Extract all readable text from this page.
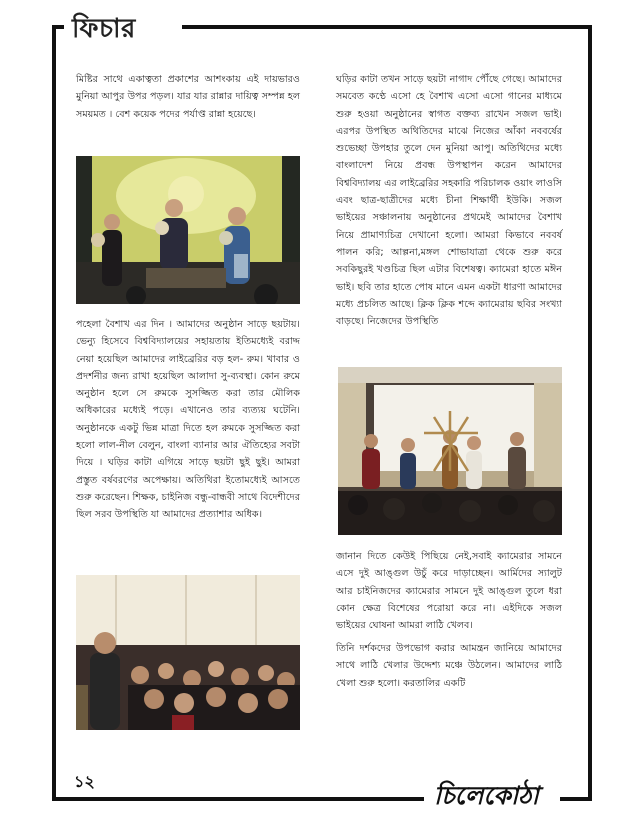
ফিচার

মিষ্টির সাথে একাত্বতা প্রকাশের আশংকায় এই দায়ভারও মুনিয়া আপুর উপর পড়ল। যার যার রান্নার দায়িত্ব সম্পন্ন হল সময়মত । বেশ কয়েক পদের পর্যাপ্ত রান্না হয়েছে।

পহেলা বৈশাখ এর দিন । আমাদের অনুষ্ঠান সাড়ে ছয়টায়। ভেন্যু হিসেবে বিশ্ববিদ্যালয়ের সহায়তায় ইতিমধ্যেই বরাদ্দ নেয়া হয়েছিল আমাদের লাইব্রেরির বড় হল- রুম। খাবার ও প্রদর্শনীর জন্য রাখা হয়েছিল আলাদা সু-ব্যবস্থা। কোন রুমে অনুষ্ঠান হলে সে রুমকে সুসজ্জিত করা তার মৌলিক অধিকারের মধ্যেই পড়ে। এখানেও তার ব্যত্যয় ঘটেনি। অনুষ্ঠানকে একটু ভিন্ন মাত্রা দিতে হল রুমকে সুসজ্জিত করা হলো লাল-নীল বেলুন, বাংলা ব্যানার আর ঐতিহ্যের সবটা দিয়ে । ঘড়ির কাটা এগিয়ে সাড়ে ছয়টা ছুই ছুই। আমরা প্রস্তুত বর্ষবরণের অপেক্ষায়। অতিথিরা ইতোমধ্যেই আসতে শুরু করেছেন। শিক্ষক, চাইনিজ বন্ধু-বান্ধবী সাথে বিদেশীদের ছিল সরব উপস্থিতি যা আমাদের প্রত্যাশার অধিক।

ঘড়ির কাটা তখন সাড়ে ছয়টা নাগাদ পৌঁছে গেছে। আমাদের সমবেত কণ্ঠে এসো হে বৈশাখ এসো এসো গানের মাধ্যমে শুরু হওয়া অনুষ্ঠানের স্বাগত বক্তব্য রাখেন সজল ভাই। এরপর উপস্থিত অথিতিদের মাঝে নিজের আঁকা নববর্ষের শুভেচ্ছা উপহার তুলে দেন মুনিয়া আপু। অতিথিদের মধ্যে বাংলাদেশ নিয়ে প্রবন্ধ উপস্থাপন করেন আমাদের বিশ্ববিদ্যালয় এর লাইব্রেরির সহকারি পরিচালক ওয়াং লাওসি এবং ছাত্র-ছাত্রীদের মধ্যে চীনা শিক্ষার্থী ইউকি। সজল ভাইয়ের সঞ্চালনায় অনুষ্ঠানের প্রথমেই আমাদের বৈশাখ নিয়ে প্রামাণ্যচিত্র দেখানো হলো। আমরা কিভাবে নববর্ষ পালন করি; আল্পনা,মঙ্গল শোভাযাত্রা থেকে শুরু করে সবকিছুরই খণ্ডচিত্র ছিল এটার বিশেষত্ব। ক্যামেরা হাতে মঈন ভাই। ছবি তার হাতে পোষ মানে এমন একটা ধারণা আমাদের মধ্যে প্রচলিত আছে। ক্লিক ক্লিক শব্দে ক্যামেরায় ছবির সংখ্যা বাড়ছে। নিজেদের উপস্থিতি

জানান দিতে কেউই পিছিয়ে নেই,সবাই ক্যামেরার সামনে এসে দুই আঙ্গুল উচুঁ করে দাড়াচ্ছেন। আর্মিদের স্যালুট আর চাইনিজদের ক্যামেরার সামনে দুই আঙ্গুল তুলে ধরা কোন ক্ষেত্র বিশেষের পরোয়া করে না। এইদিকে সজল ভাইয়ের ঘোষনা আমরা লাঠি খেলব।

তিনি দর্শকদের উপভোগ করার আমন্ত্রন জানিয়ে আমাদের সাথে লাঠি খেলার উদ্দেশ্য মঞ্চে উঠলেন। আমাদের লাঠি খেলা শুরু হলো। করতালির একটি

১২	চিলেকোঠা
